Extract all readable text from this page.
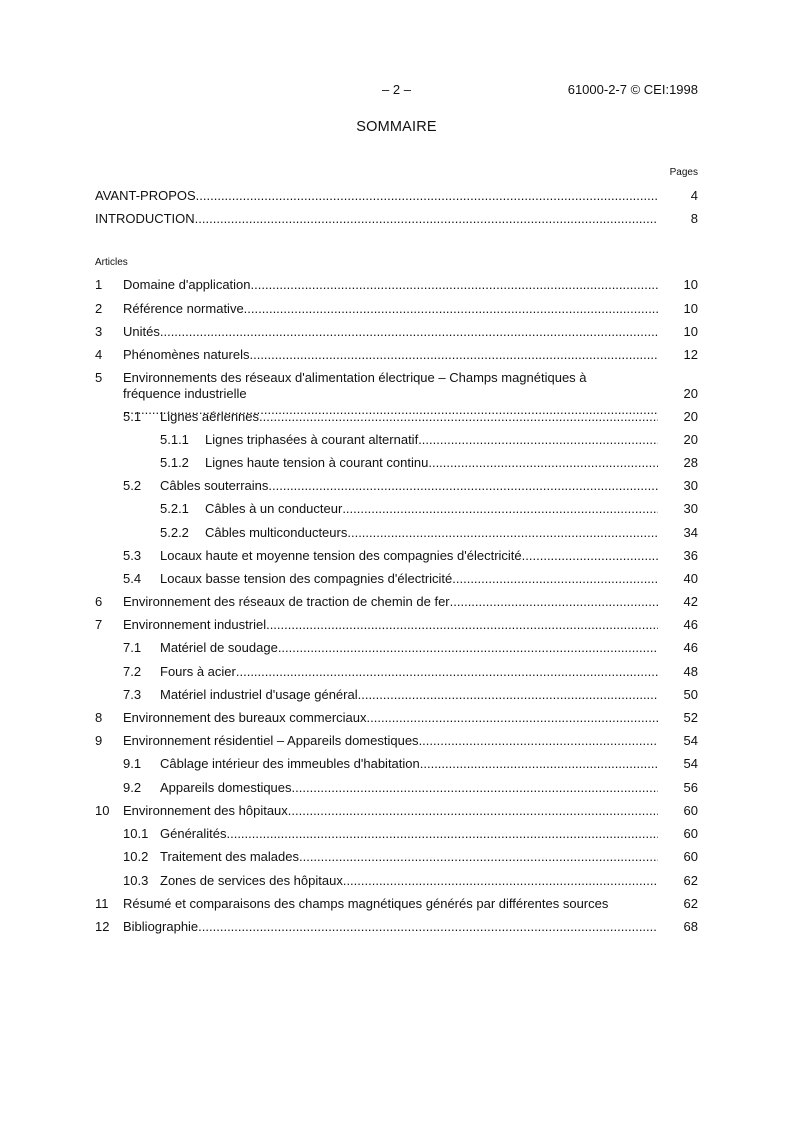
– 2 –	61000-2-7 © CEI:1998
SOMMAIRE
Pages
AVANT-PROPOS .....	4
INTRODUCTION .....	8
Articles
1 Domaine d'application .....	10
2 Référence normative .....	10
3 Unités .....	10
4 Phénomènes naturels .....	12
5 Environnements des réseaux d'alimentation électrique – Champs magnétiques à
fréquence industrielle
.....	20
5.1 Lignes aériennes .....	20
5.1.1 Lignes triphasées à courant alternatif .....	20
5.1.2 Lignes haute tension à courant continu .....	28
5.2 Câbles souterrains .....	30
5.2.1 Câbles à un conducteur .....	30
5.2.2 Câbles multiconducteurs .....	34
5.3 Locaux haute et moyenne tension des compagnies d'électricité .....	36
5.4 Locaux basse tension des compagnies d'électricité .....	40
6 Environnement des réseaux de traction de chemin de fer .....	42
7 Environnement industriel .....	46
7.1 Matériel de soudage .....	46
7.2 Fours à acier .....	48
7.3 Matériel industriel d'usage général .....	50
8 Environnement des bureaux commerciaux .....	52
9 Environnement résidentiel – Appareils domestiques .....	54
9.1 Câblage intérieur des immeubles d'habitation .....	54
9.2 Appareils domestiques .....	56
10 Environnement des hôpitaux .....	60
10.1 Généralités .....	60
10.2 Traitement des malades .....	60
10.3 Zones de services des hôpitaux .....	62
11 Résumé et comparaisons des champs magnétiques générés par différentes sources	62
12 Bibliographie .....	68
